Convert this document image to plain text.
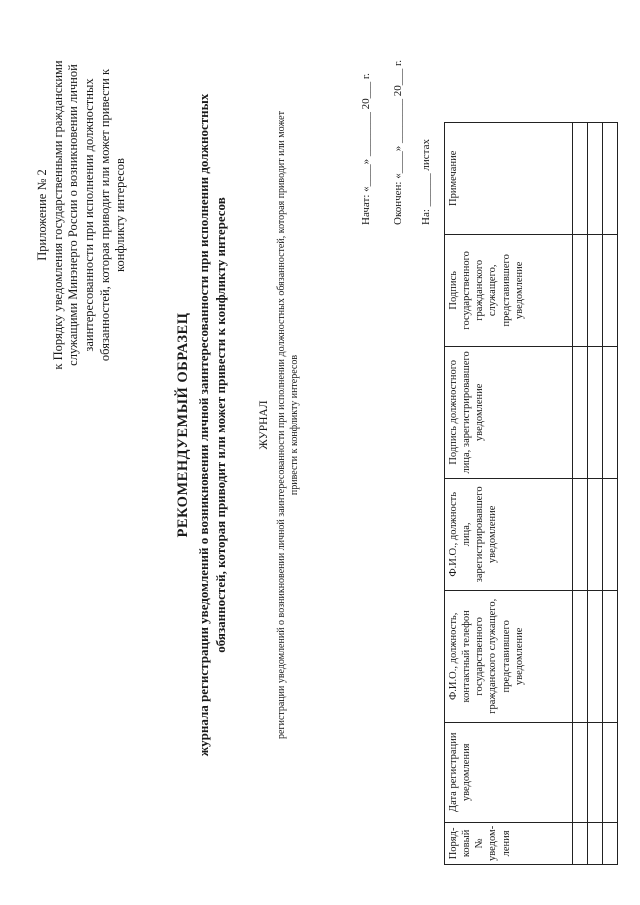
Приложение № 2 к Порядку уведомления государственными гражданскими служащими Минэнерго России о возникновении личной заинтересованности при исполнении должностных обязанностей, которая приводит или может привести к конфликту интересов
РЕКОМЕНДУЕМЫЙ ОБРАЗЕЦ журнала регистрации уведомлений о возникновении личной заинтересованности при исполнении должностных обязанностей, которая приводит или может привести к конфликту интересов	ЖУРНАЛ регистрации уведомлений о возникновении личной заинтересованности при исполнении должностных обязанностей, которая приводит или может привести к конфликту интересов
Начат: «____» ________ 20___ г. Окончен: «____» ________ 20___ г. На: ______ листах
Поряд-ковый № уведом-ления	Дата регистрации уведомления	Ф.И.О., должность, контактный телефон государственного гражданского служащего, представившего уведомление	Ф.И.О., должность лица, зарегистрировавшего уведомление	Подпись должностного лица, зарегистрировавшего уведомление	Подпись государственного гражданского служащего, представившего уведомление	Примечание
